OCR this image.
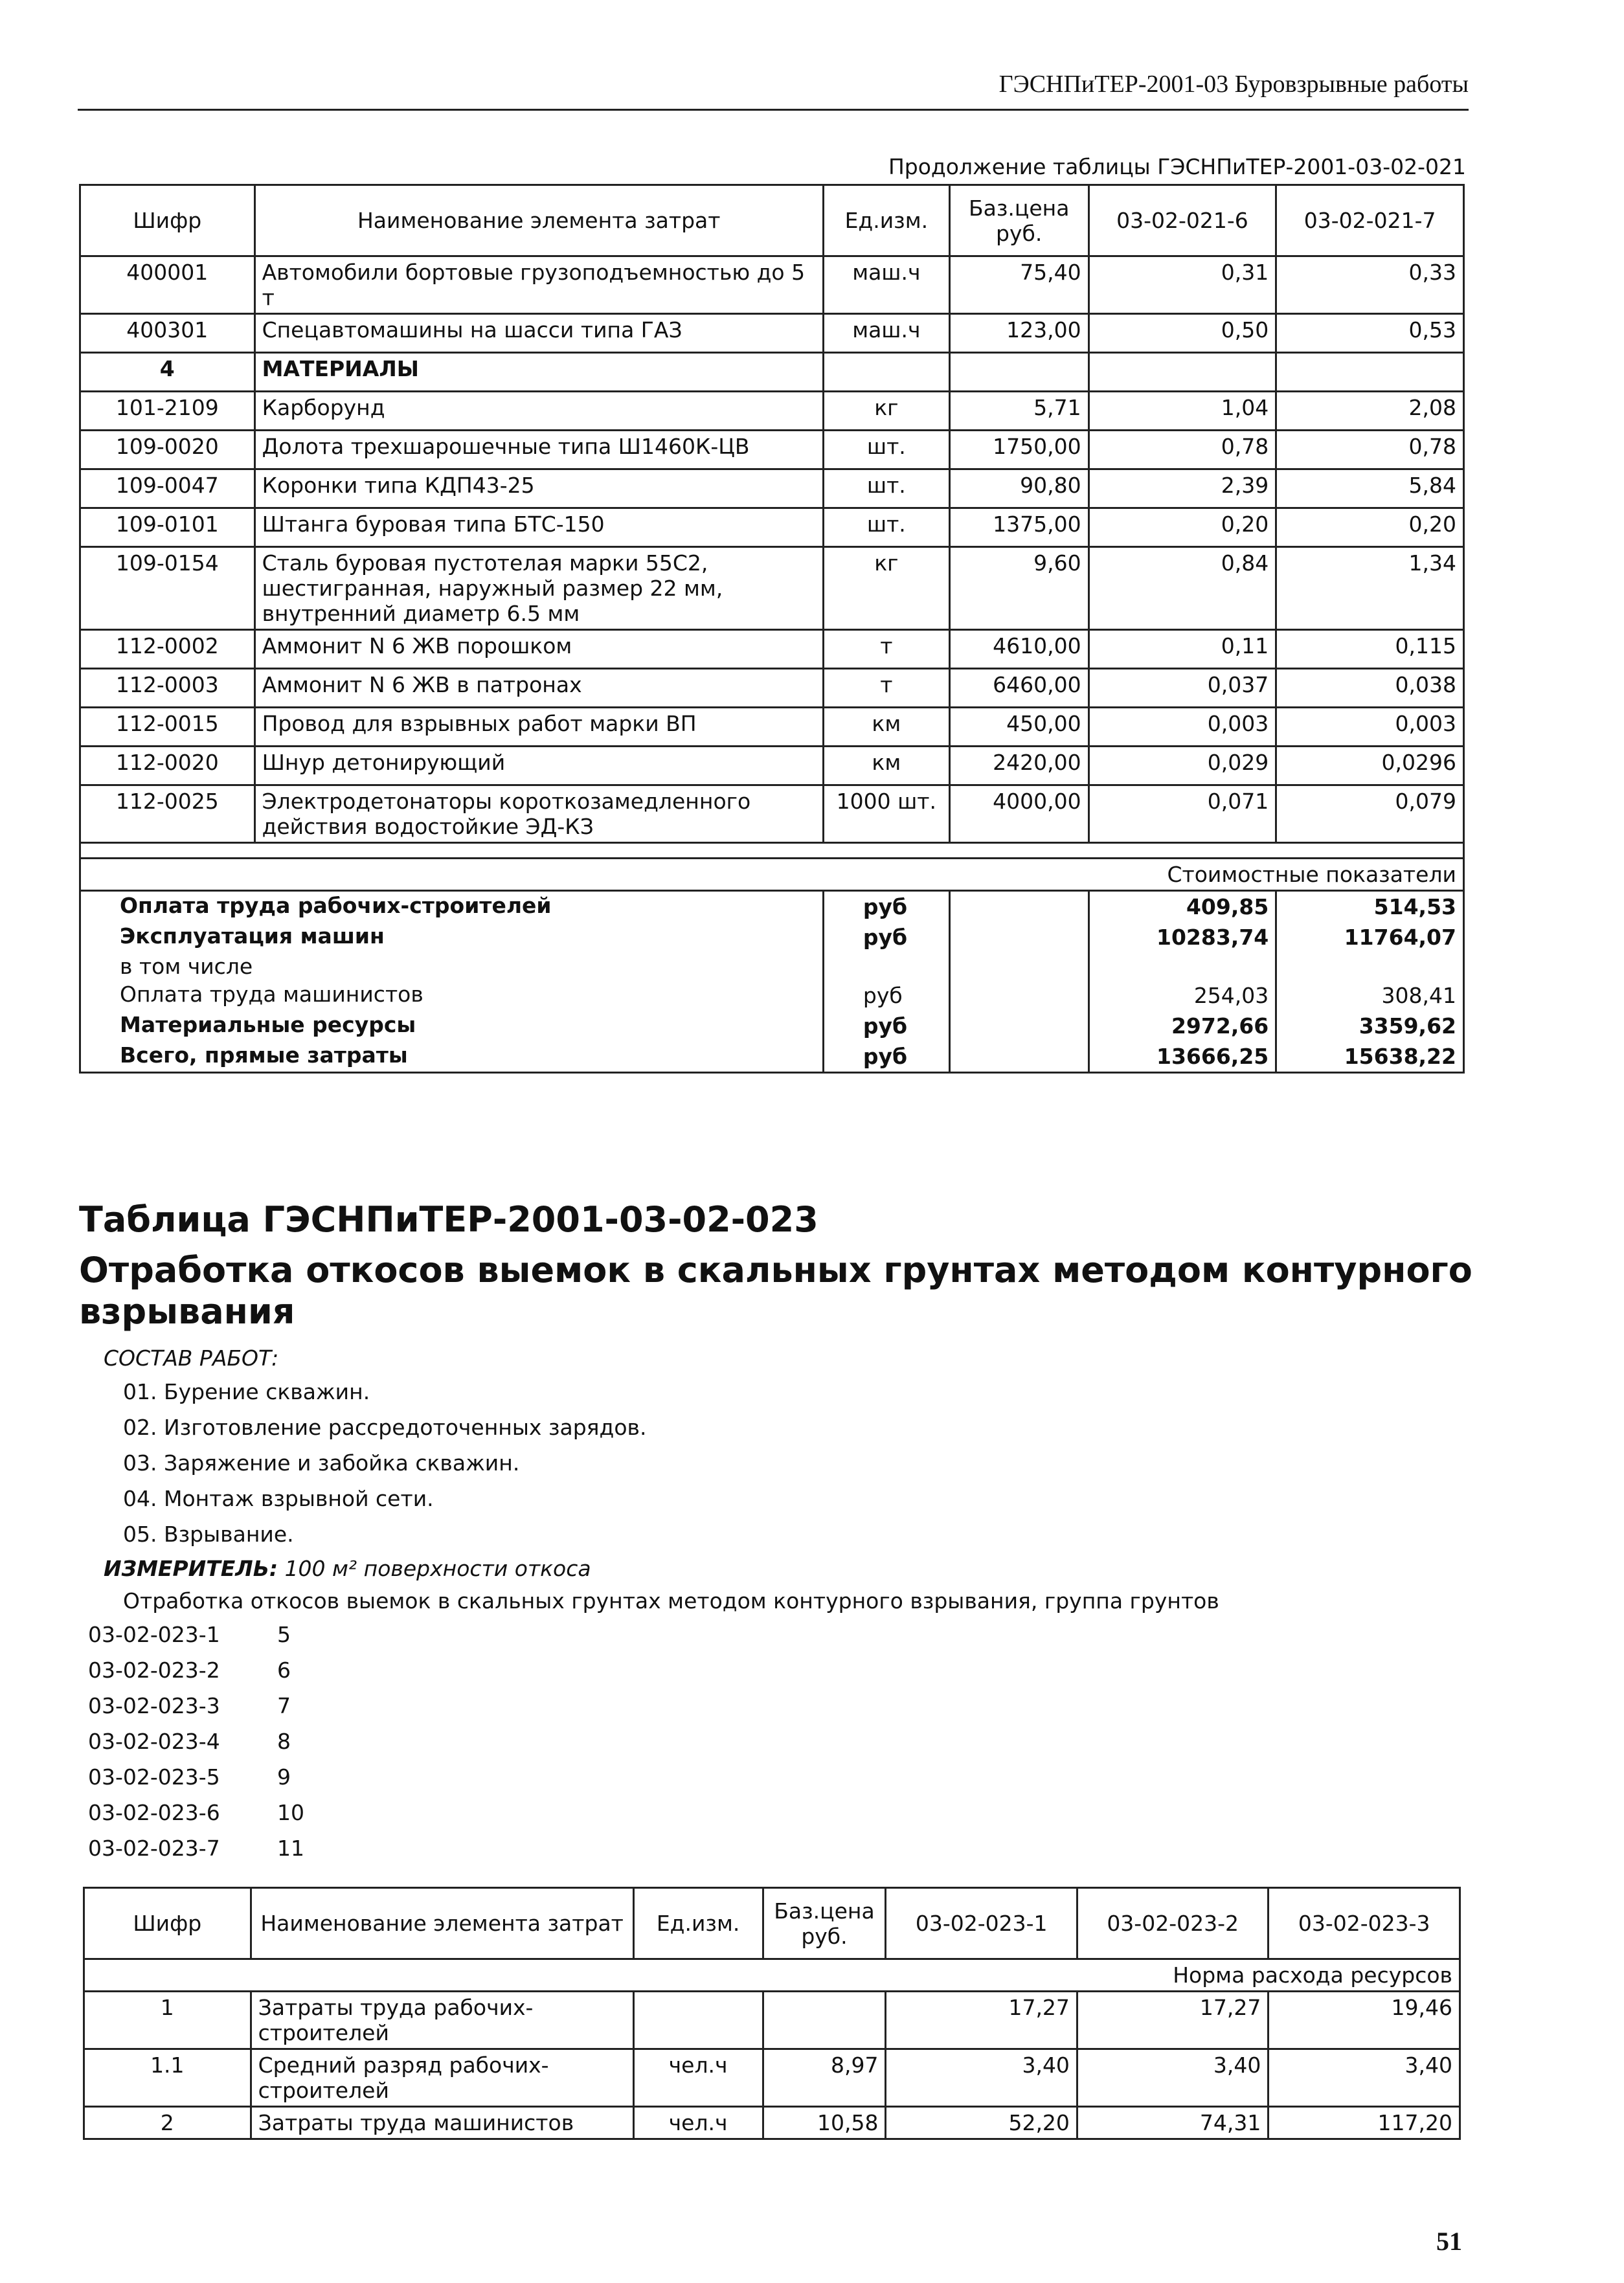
ГЭСНПиТЕР-2001-03 Буровзрывные работы
Продолжение таблицы ГЭСНПиТЕР-2001-03-02-021
Шифр	Наименование элемента затрат	Ед.изм.	Баз.цена руб.	03-02-021-6	03-02-021-7
400001	Автомобили бортовые грузоподъемностью до 5 т	маш.ч	75,40	0,31	0,33
400301	Спецавтомашины на шасси типа ГАЗ	маш.ч	123,00	0,50	0,53
4	МАТЕРИАЛЫ				
101-2109	Карборунд	кг	5,71	1,04	2,08
109-0020	Долота трехшарошечные типа Ш1460К-ЦВ	шт.	1750,00	0,78	0,78
109-0047	Коронки типа КДП43-25	шт.	90,80	2,39	5,84
109-0101	Штанга буровая типа БТС-150	шт.	1375,00	0,20	0,20
109-0154	Сталь буровая пустотелая марки 55С2, шестигранная, наружный размер 22 мм, внутренний диаметр 6.5 мм	кг	9,60	0,84	1,34
112-0002	Аммонит N 6 ЖВ порошком	т	4610,00	0,11	0,115
112-0003	Аммонит N 6 ЖВ в патронах	т	6460,00	0,037	0,038
112-0015	Провод для взрывных работ марки ВП	км	450,00	0,003	0,003
112-0020	Шнур детонирующий	км	2420,00	0,029	0,0296
112-0025	Электродетонаторы короткозамедленного действия водостойкие ЭД-КЗ	1000 шт.	4000,00	0,071	0,079

Стоимостные показатели					
Оплата труда рабочих-строителей		руб		409,85	514,53
Эксплуатация машин		руб		10283,74	11764,07
в том числе					
Оплата труда машинистов		руб		254,03	308,41
Материальные ресурсы		руб		2972,66	3359,62
Всего, прямые затраты		руб		13666,25	15638,22
Таблица ГЭСНПиТЕР-2001-03-02-023
Отработка откосов выемок в скальных грунтах методом контурного взрывания
СОСТАВ РАБОТ:
01. Бурение скважин.
02. Изготовление рассредоточенных зарядов.
03. Заряжение и забойка скважин.
04. Монтаж взрывной сети.
05. Взрывание.
ИЗМЕРИТЕЛЬ: 100 м² поверхности откоса
Отработка откосов выемок в скальных грунтах методом контурного взрывания, группа грунтов
03-02-023-1	5
03-02-023-2	6
03-02-023-3	7
03-02-023-4	8
03-02-023-5	9
03-02-023-6	10
03-02-023-7	11
Шифр	Наименование элемента затрат	Ед.изм.	Баз.цена руб.	03-02-023-1	03-02-023-2	03-02-023-3
Норма расхода ресурсов						
1	Затраты труда рабочих-строителей			17,27	17,27	19,46
1.1	Средний разряд рабочих-строителей	чел.ч	8,97	3,40	3,40	3,40
2	Затраты труда машинистов	чел.ч	10,58	52,20	74,31	117,20
51
